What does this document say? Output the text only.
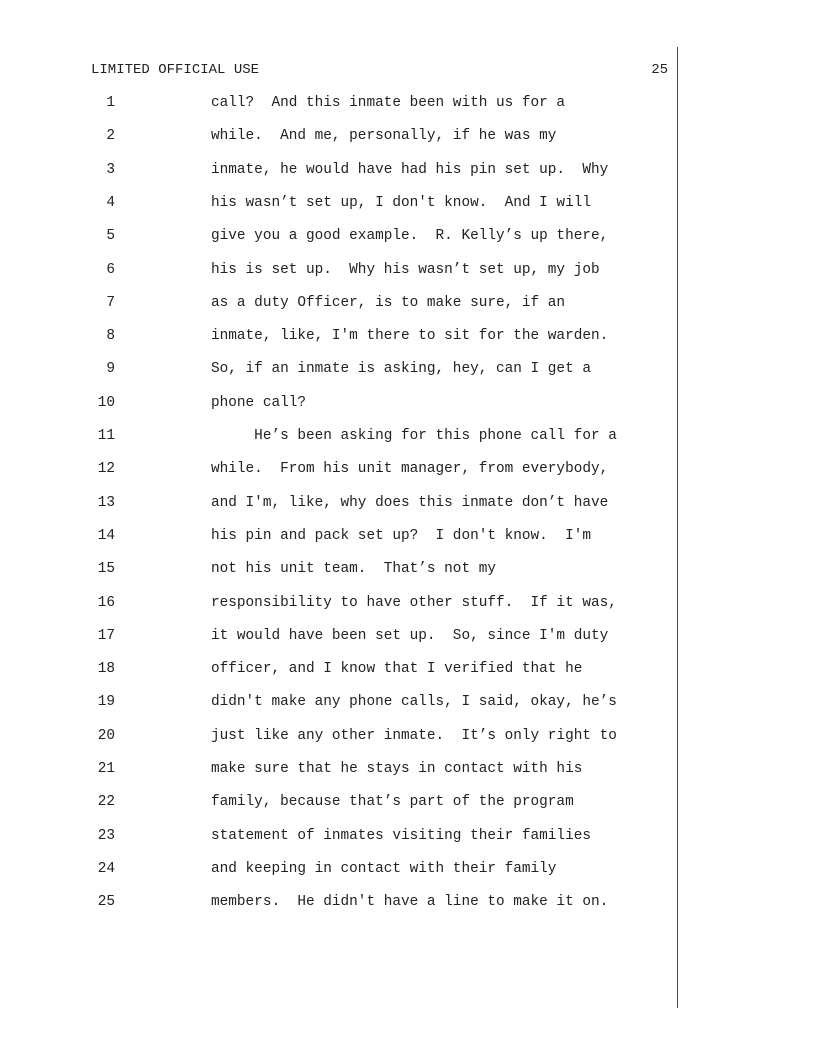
LIMITED OFFICIAL USE	25
1	call?  And this inmate been with us for a
2	while.  And me, personally, if he was my
3	inmate, he would have had his pin set up.  Why
4	his wasn’t set up, I don't know.  And I will
5	give you a good example.  R. Kelly’s up there,
6	his is set up.  Why his wasn’t set up, my job
7	as a duty Officer, is to make sure, if an
8	inmate, like, I'm there to sit for the warden.
9	So, if an inmate is asking, hey, can I get a
10	phone call?
11	He’s been asking for this phone call for a
12	while.  From his unit manager, from everybody,
13	and I'm, like, why does this inmate don’t have
14	his pin and pack set up?  I don't know.  I'm
15	not his unit team.  That’s not my
16	responsibility to have other stuff.  If it was,
17	it would have been set up.  So, since I'm duty
18	officer, and I know that I verified that he
19	didn't make any phone calls, I said, okay, he’s
20	just like any other inmate.  It’s only right to
21	make sure that he stays in contact with his
22	family, because that’s part of the program
23	statement of inmates visiting their families
24	and keeping in contact with their family
25	members.  He didn't have a line to make it on.
